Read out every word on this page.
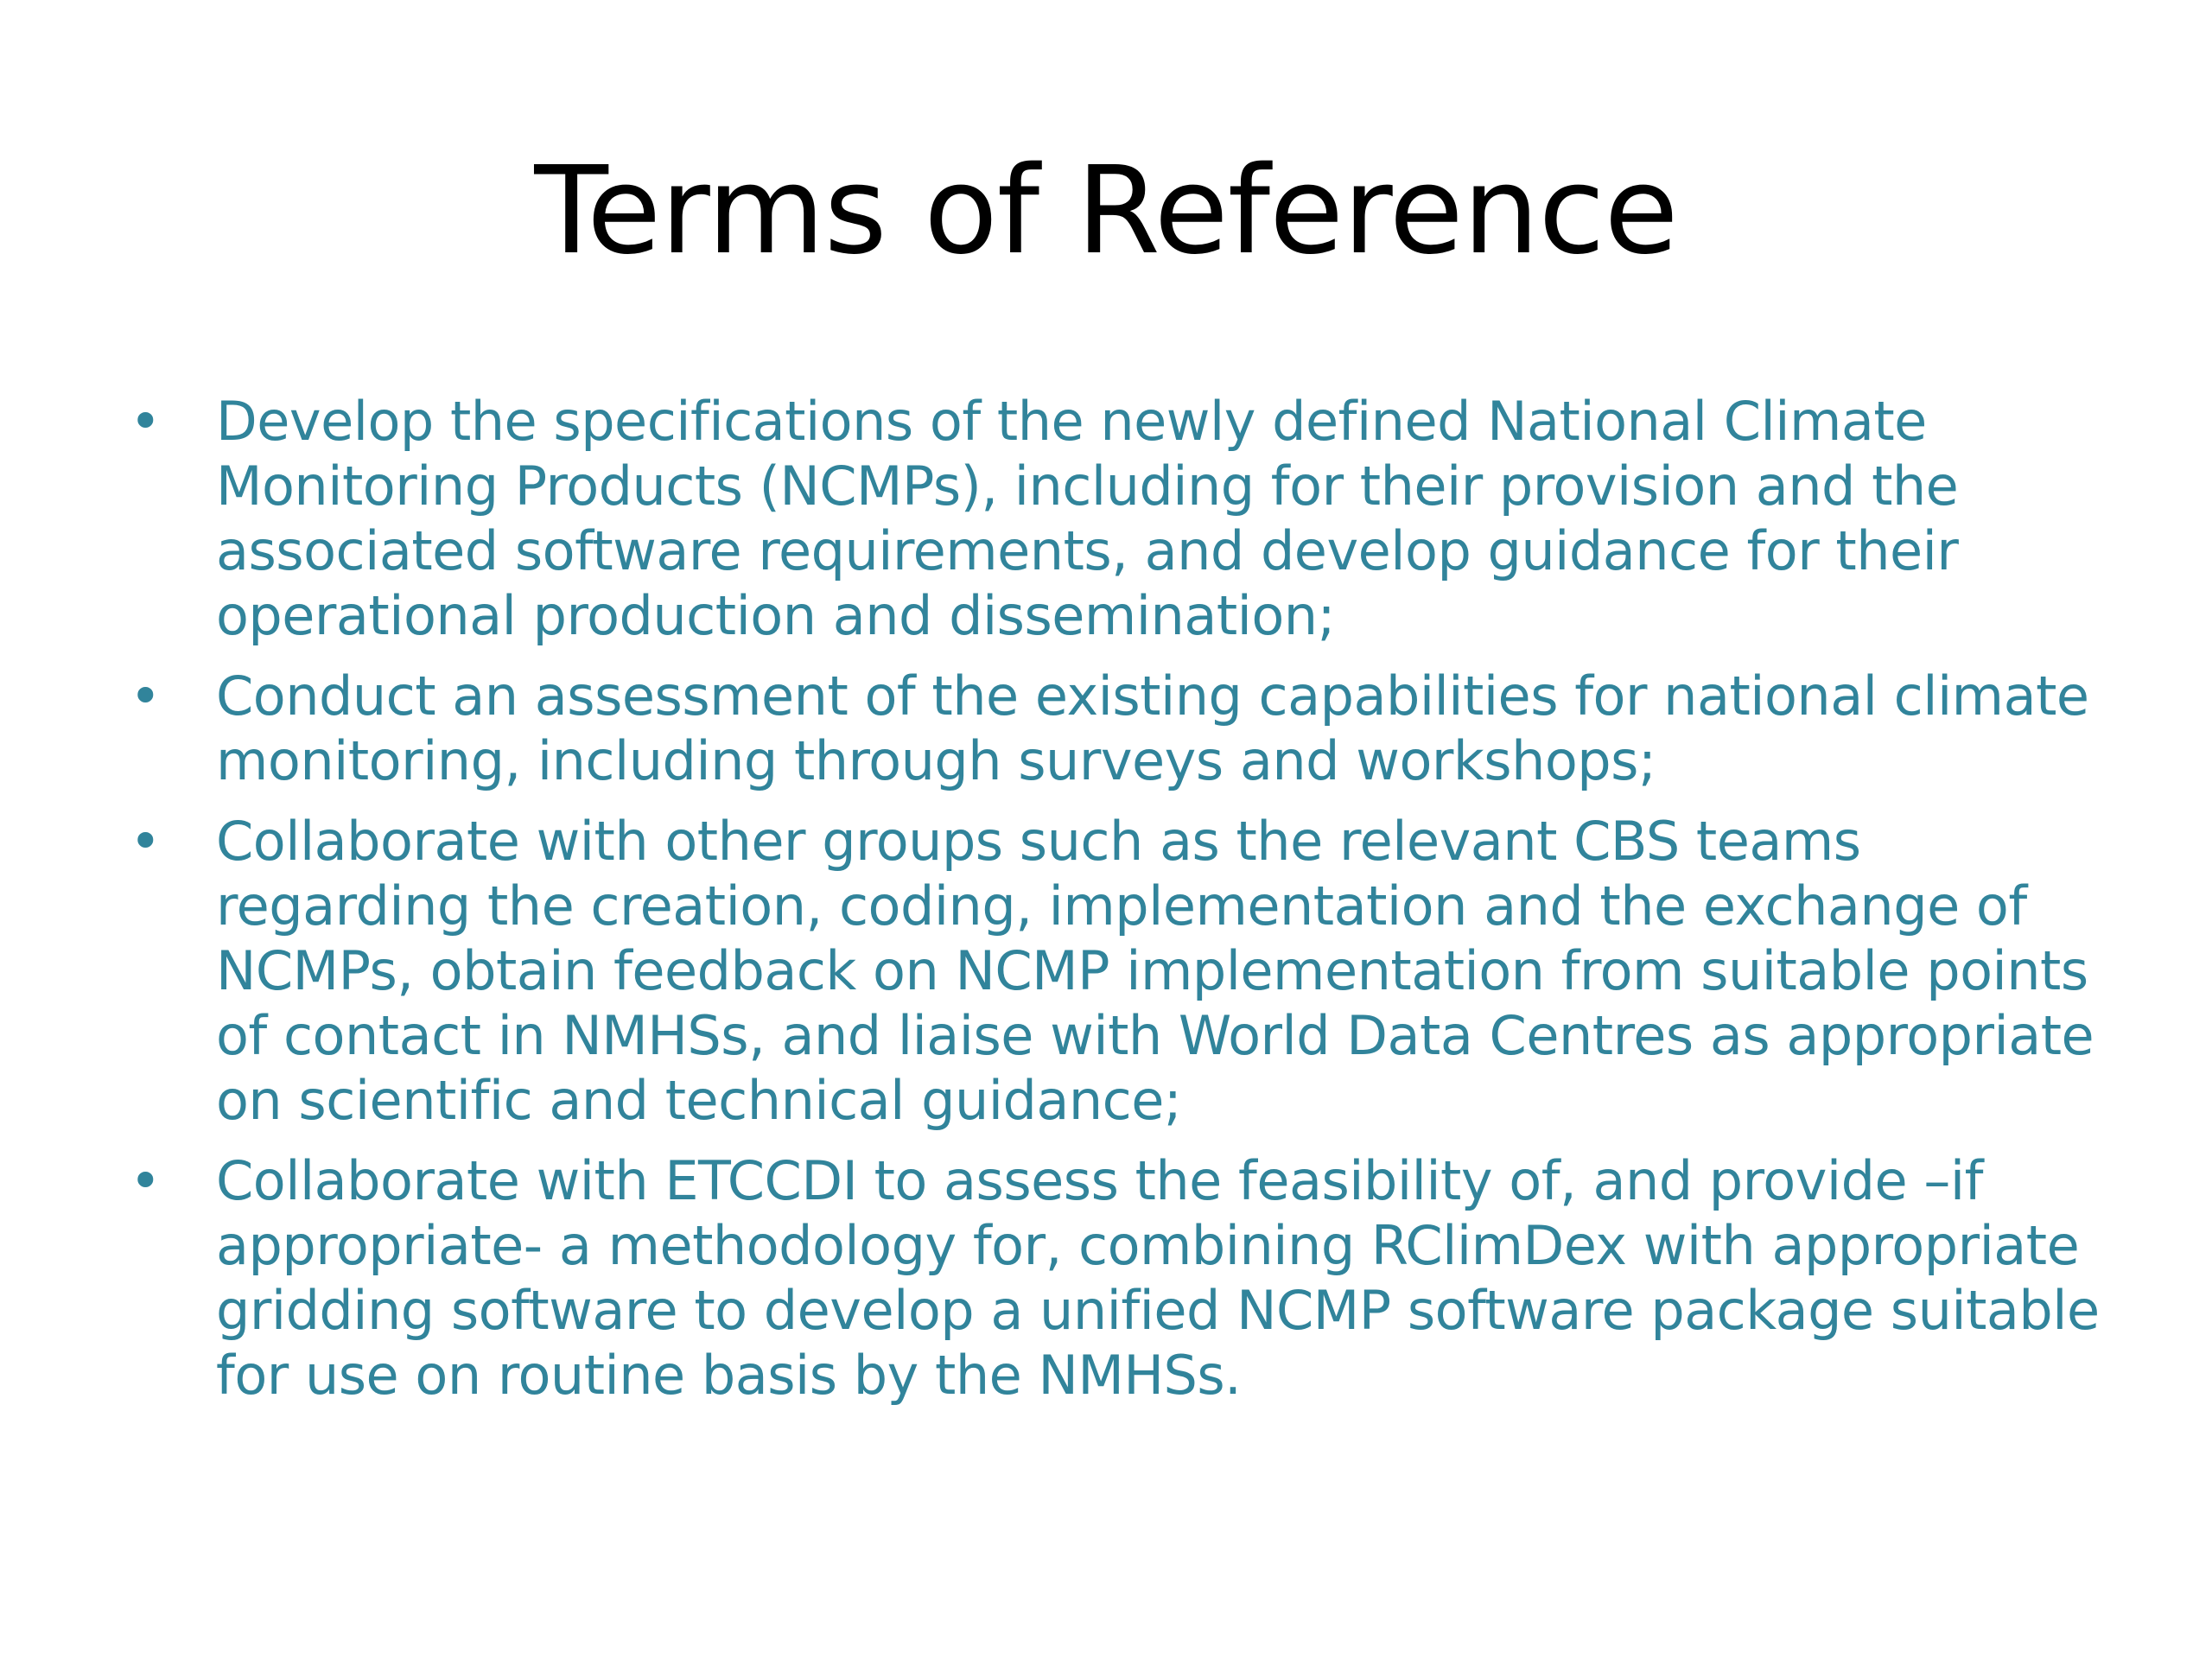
Terms of Reference
• Develop the specifications of the newly defined National Climate Monitoring Products (NCMPs), including for their provision and the associated software requirements, and develop guidance for their operational production and dissemination;
• Conduct an assessment of the existing capabilities for national climate monitoring, including through surveys and workshops;
• Collaborate with other groups such as the relevant CBS teams regarding the creation, coding, implementation and the exchange of NCMPs, obtain feedback on NCMP implementation from suitable points of contact in NMHSs, and liaise with World Data Centres as appropriate on scientific and technical guidance;
• Collaborate with ETCCDI to assess the feasibility of, and provide –if appropriate- a methodology for, combining RClimDex with appropriate gridding software to develop a unified NCMP software package suitable for use on routine basis by the NMHSs.
